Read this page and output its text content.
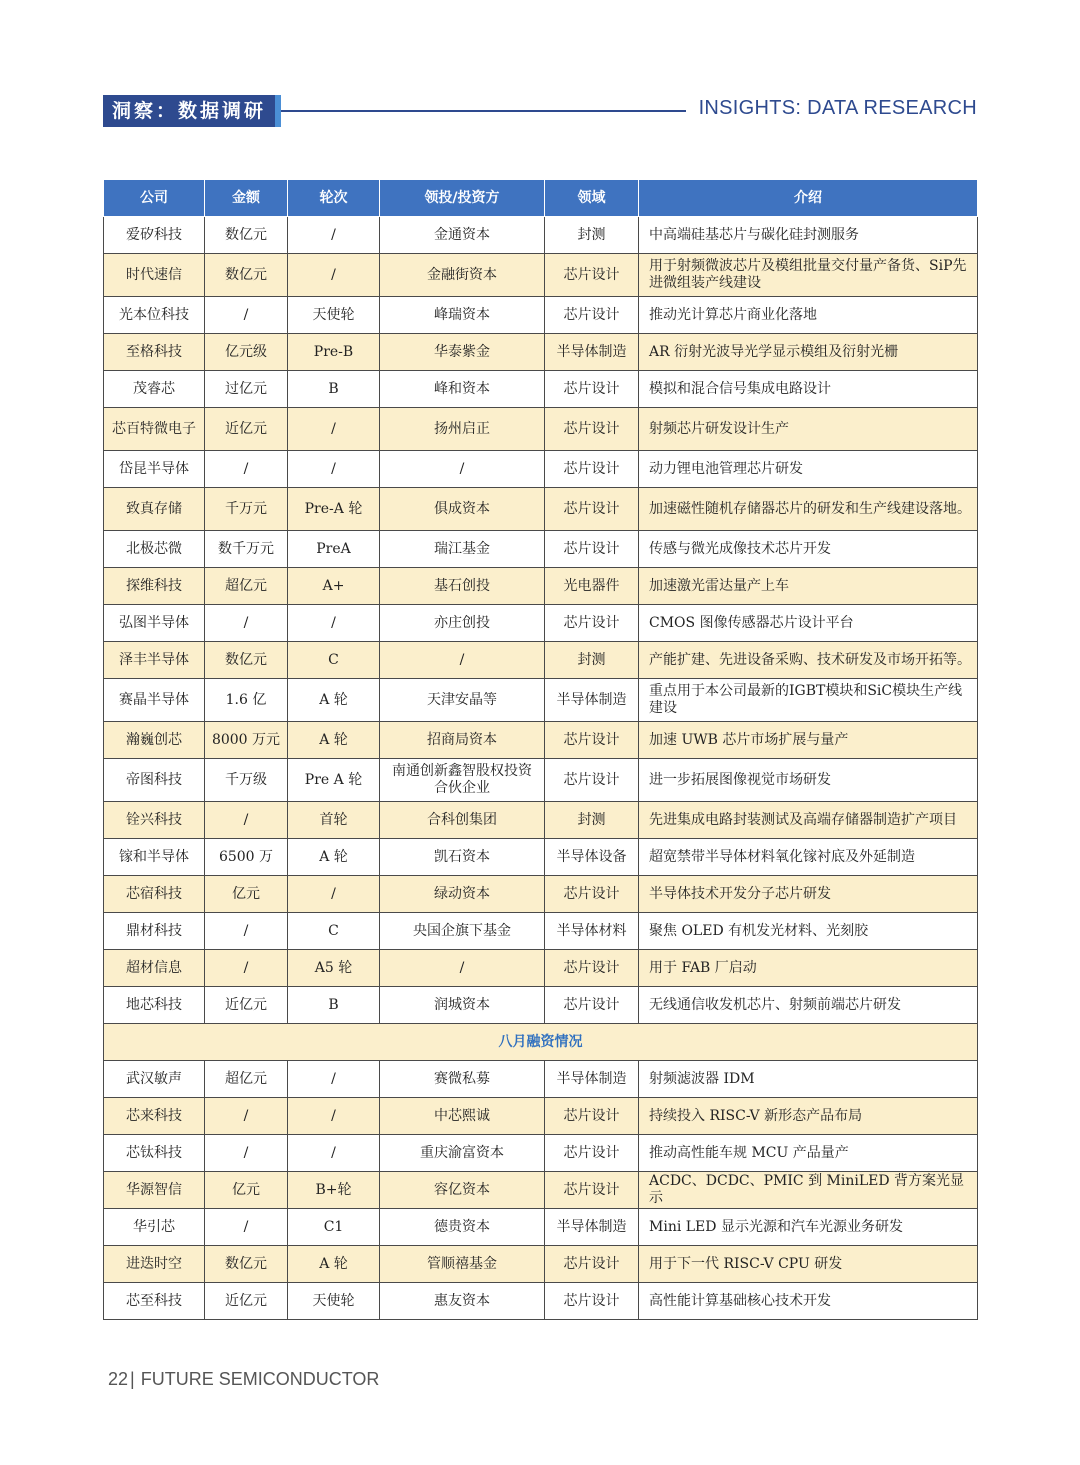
洞察：数据调研	INSIGHTS: DATA RESEARCH
公司	金额	轮次	领投/投资方	领域	介绍
爱矽科技	数亿元	/	金通资本	封测	中高端硅基芯片与碳化硅封测服务
时代速信	数亿元	/	金融街资本	芯片设计	用于射频微波芯片及模组批量交付量产备货、SiP先进微组装产线建设
光本位科技	/	天使轮	峰瑞资本	芯片设计	推动光计算芯片商业化落地
至格科技	亿元级	Pre-B	华泰紫金	半导体制造	AR 衍射光波导光学显示模组及衍射光栅
茂睿芯	过亿元	B	峰和资本	芯片设计	模拟和混合信号集成电路设计
芯百特微电子	近亿元	/	扬州启正	芯片设计	射频芯片研发设计生产
岱昆半导体	/	/	/	芯片设计	动力锂电池管理芯片研发
致真存储	千万元	Pre-A 轮	俱成资本	芯片设计	加速磁性随机存储器芯片的研发和生产线建设落地。
北极芯微	数千万元	PreA	瑞江基金	芯片设计	传感与微光成像技术芯片开发
探维科技	超亿元	A+	基石创投	光电器件	加速激光雷达量产上车
弘图半导体	/	/	亦庄创投	芯片设计	CMOS 图像传感器芯片设计平台
泽丰半导体	数亿元	C	/	封测	产能扩建、先进设备采购、技术研发及市场开拓等。
赛晶半导体	1.6 亿	A 轮	天津安晶等	半导体制造	重点用于本公司最新的IGBT模块和SiC模块生产线建设
瀚巍创芯	8000 万元	A 轮	招商局资本	芯片设计	加速 UWB 芯片市场扩展与量产
帝图科技	千万级	Pre A 轮	南通创新鑫智股权投资合伙企业	芯片设计	进一步拓展图像视觉市场研发
铨兴科技	/	首轮	合科创集团	封测	先进集成电路封装测试及高端存储器制造扩产项目
镓和半导体	6500 万	A 轮	凯石资本	半导体设备	超宽禁带半导体材料氧化镓衬底及外延制造
芯宿科技	亿元	/	绿动资本	芯片设计	半导体技术开发分子芯片研发
鼎材科技	/	C	央国企旗下基金	半导体材料	聚焦 OLED 有机发光材料、光刻胶
超材信息	/	A5 轮	/	芯片设计	用于 FAB 厂启动
地芯科技	近亿元	B	润城资本	芯片设计	无线通信收发机芯片、射频前端芯片研发
八月融资情况					
武汉敏声	超亿元	/	赛微私募	半导体制造	射频滤波器 IDM
芯来科技	/	/	中芯熙诚	芯片设计	持续投入 RISC-V 新形态产品布局
芯钛科技	/	/	重庆渝富资本	芯片设计	推动高性能车规 MCU 产品量产
华源智信	亿元	B+轮	容亿资本	芯片设计	ACDC、DCDC、PMIC 到 MiniLED 背方案光显示
华引芯	/	C1	德贵资本	半导体制造	Mini LED 显示光源和汽车光源业务研发
进迭时空	数亿元	A 轮	管顺禧基金	芯片设计	用于下一代 RISC-V CPU 研发
芯至科技	近亿元	天使轮	惠友资本	芯片设计	高性能计算基础核心技术开发
22 | FUTURE SEMICONDUCTOR
